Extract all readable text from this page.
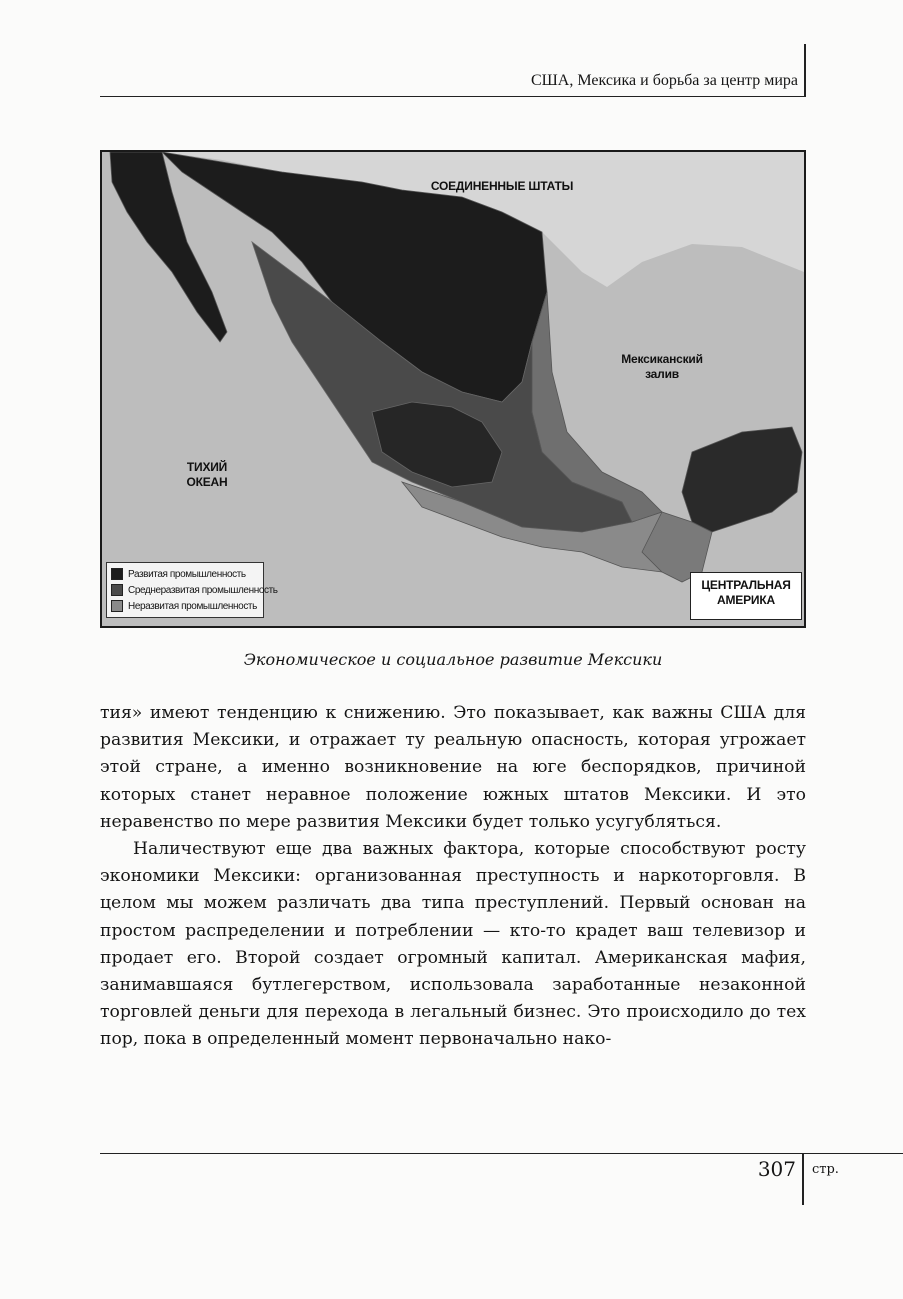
США, Мексика и борьба за центр мира
СОЕДИНЕННЫЕ ШТАТЫ
Мексиканский
залив
ТИХИЙ
ОКЕАН
Развитая промышленность
Среднеразвитая промышленность
Неразвитая промышленность
ЦЕНТРАЛЬНАЯ
АМЕРИКА
Экономическое и социальное развитие Мексики

тия» имеют тенденцию к снижению. Это показывает, как важны США для развития Мексики, и отражает ту реальную опасность, которая угрожает этой стране, а именно возникновение на юге беспорядков, причиной которых станет неравное положение южных штатов Мексики. И это неравенство по мере развития Мексики будет только усугубляться.

Наличествуют еще два важных фактора, которые способствуют росту экономики Мексики: организованная преступность и наркоторговля. В целом мы можем различать два типа преступлений. Первый основан на простом распределении и потреблении — кто-то крадет ваш телевизор и продает его. Второй создает огромный капитал. Американская мафия, занимавшаяся бутлегерством, использовала заработанные незаконной торговлей деньги для перехода в легальный бизнес. Это происходило до тех пор, пока в определенный момент первоначально нако-

307 стр.
